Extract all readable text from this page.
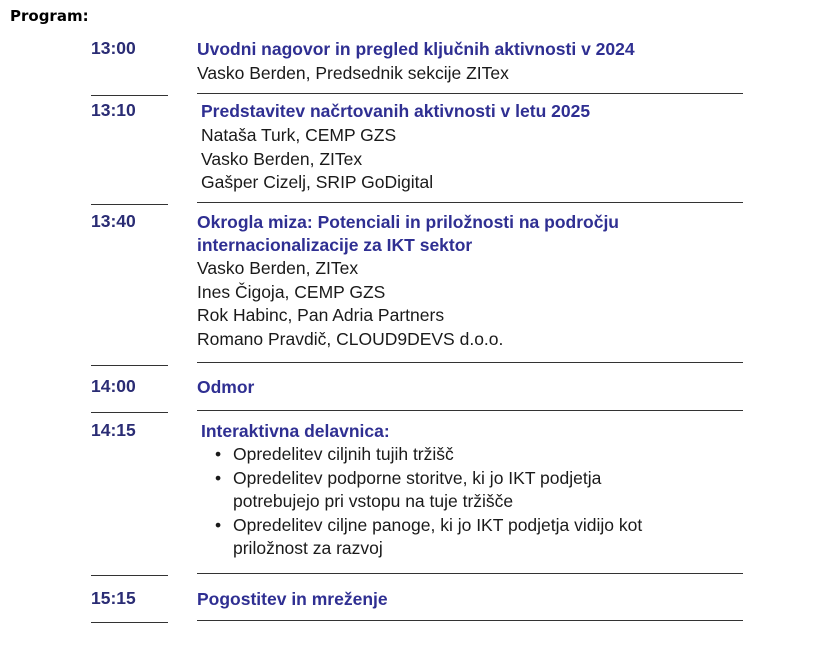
Program:
13:00	Uvodni nagovor in pregled ključnih aktivnosti v 2024
Vasko Berden, Predsednik sekcije ZITex
13:10	Predstavitev načrtovanih aktivnosti v letu 2025
Nataša Turk, CEMP GZS
Vasko Berden, ZITex
Gašper Cizelj, SRIP GoDigital
13:40	Okrogla miza: Potenciali in priložnosti na področju
internacionalizacije za IKT sektor
Vasko Berden, ZITex
Ines Čigoja, CEMP GZS
Rok Habinc, Pan Adria Partners
Romano Pravdič, CLOUD9DEVS d.o.o.
14:00	Odmor
14:15	Interaktivna delavnica:
• Opredelitev ciljnih tujih tržišč
• Opredelitev podporne storitve, ki jo IKT podjetja
potrebujejo pri vstopu na tuje tržišče
• Opredelitev ciljne panoge, ki jo IKT podjetja vidijo kot
priložnost za razvoj
15:15	Pogostitev in mreženje
